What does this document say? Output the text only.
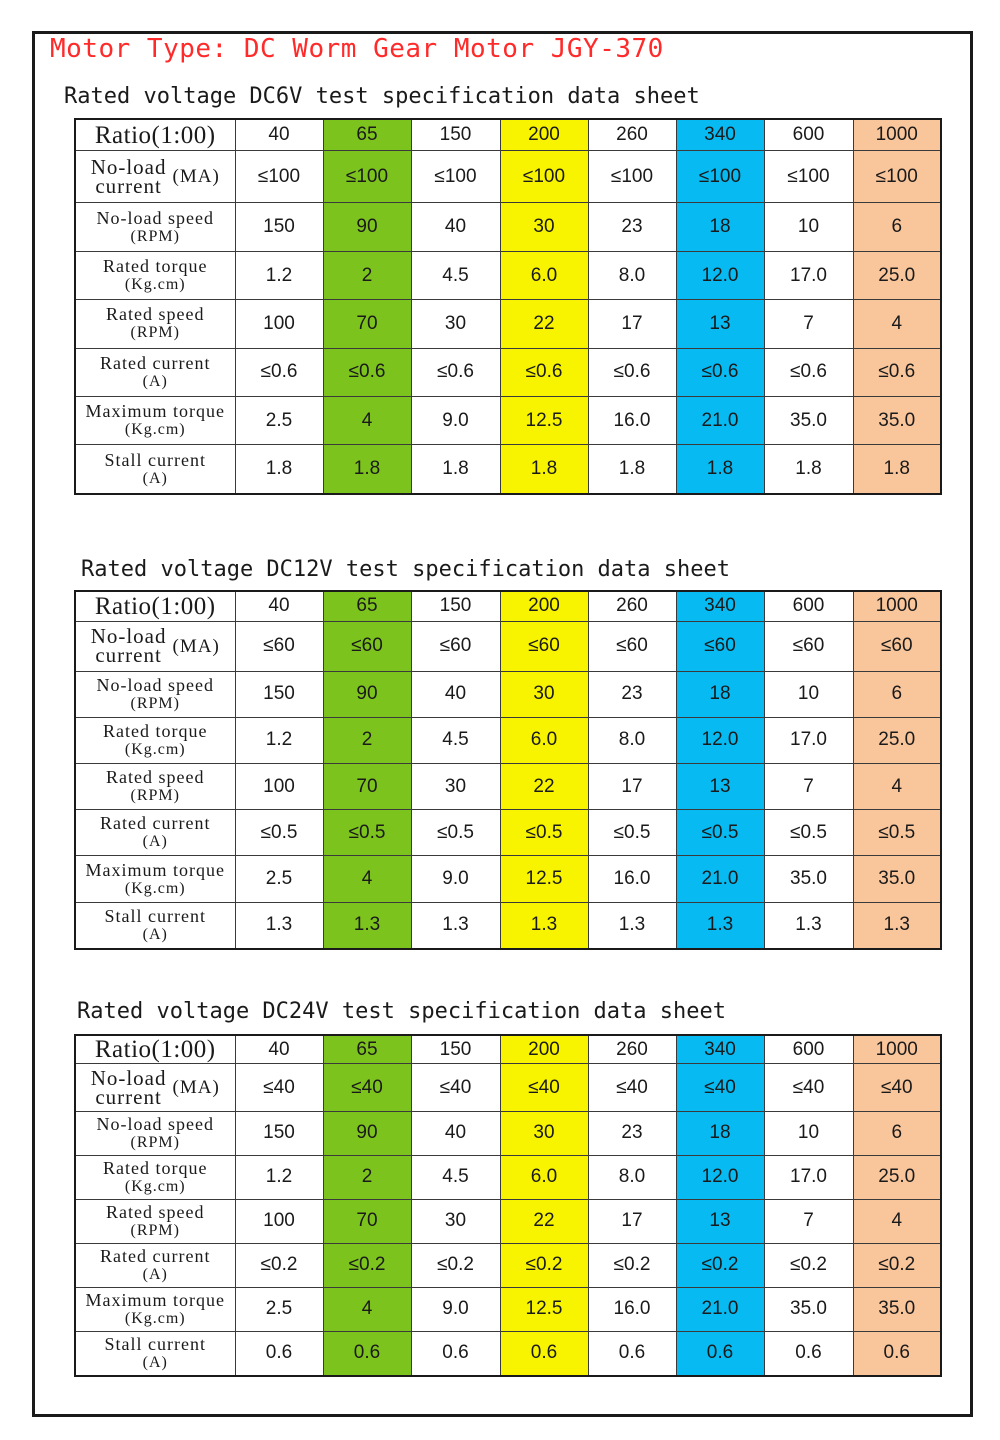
Motor Type: DC Worm Gear Motor JGY-370
Rated voltage DC6V test specification data sheet
Ratio(1:00)	40	65	150	200	260	340	600	1000

No-load
current (MA)	≤100	≤100	≤100	≤100	≤100	≤100	≤100	≤100
No-load speed
(RPM)	150	90	40	30	23	18	10	6
Rated torque
(Kg.cm)	1.2	2	4.5	6.0	8.0	12.0	17.0	25.0
Rated speed
(RPM)	100	70	30	22	17	13	7	4
Rated current
(A)	≤0.6	≤0.6	≤0.6	≤0.6	≤0.6	≤0.6	≤0.6	≤0.6
Maximum torque
(Kg.cm)	2.5	4	9.0	12.5	16.0	21.0	35.0	35.0
Stall current
(A)	1.8	1.8	1.8	1.8	1.8	1.8	1.8	1.8
Rated voltage DC12V test specification data sheet
Ratio(1:00)	40	65	150	200	260	340	600	1000

No-load
current (MA)	≤60	≤60	≤60	≤60	≤60	≤60	≤60	≤60
No-load speed
(RPM)	150	90	40	30	23	18	10	6
Rated torque
(Kg.cm)	1.2	2	4.5	6.0	8.0	12.0	17.0	25.0
Rated speed
(RPM)	100	70	30	22	17	13	7	4
Rated current
(A)	≤0.5	≤0.5	≤0.5	≤0.5	≤0.5	≤0.5	≤0.5	≤0.5
Maximum torque
(Kg.cm)	2.5	4	9.0	12.5	16.0	21.0	35.0	35.0
Stall current
(A)	1.3	1.3	1.3	1.3	1.3	1.3	1.3	1.3
Rated voltage DC24V test specification data sheet
Ratio(1:00)	40	65	150	200	260	340	600	1000

No-load
current (MA)	≤40	≤40	≤40	≤40	≤40	≤40	≤40	≤40
No-load speed
(RPM)	150	90	40	30	23	18	10	6
Rated torque
(Kg.cm)	1.2	2	4.5	6.0	8.0	12.0	17.0	25.0
Rated speed
(RPM)	100	70	30	22	17	13	7	4
Rated current
(A)	≤0.2	≤0.2	≤0.2	≤0.2	≤0.2	≤0.2	≤0.2	≤0.2
Maximum torque
(Kg.cm)	2.5	4	9.0	12.5	16.0	21.0	35.0	35.0
Stall current
(A)	0.6	0.6	0.6	0.6	0.6	0.6	0.6	0.6
